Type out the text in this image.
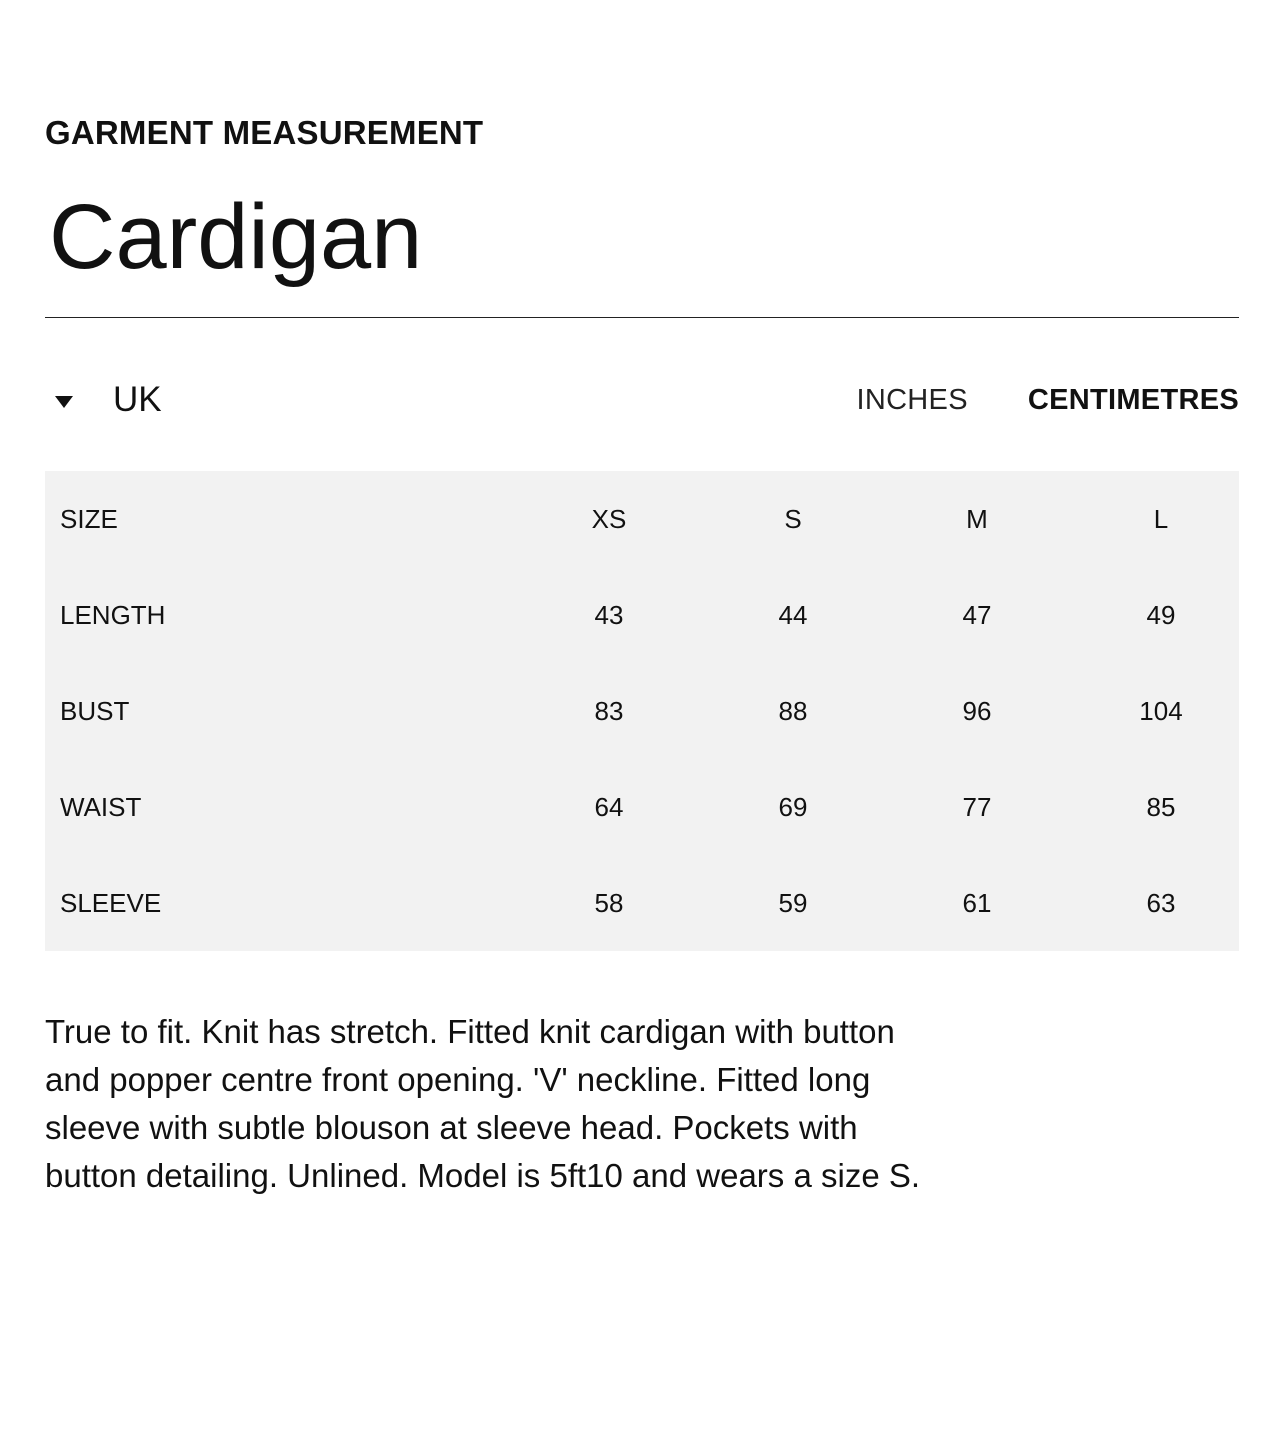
GARMENT MEASUREMENT
Cardigan
UK	INCHES CENTIMETRES
SIZE	XS	S	M	L
LENGTH	43	44	47	49
BUST	83	88	96	104
WAIST	64	69	77	85
SLEEVE	58	59	61	63
True to fit. Knit has stretch. Fitted knit cardigan with button
and popper centre front opening. 'V' neckline. Fitted long
sleeve with subtle blouson at sleeve head. Pockets with
button detailing. Unlined. Model is 5ft10 and wears a size S.
